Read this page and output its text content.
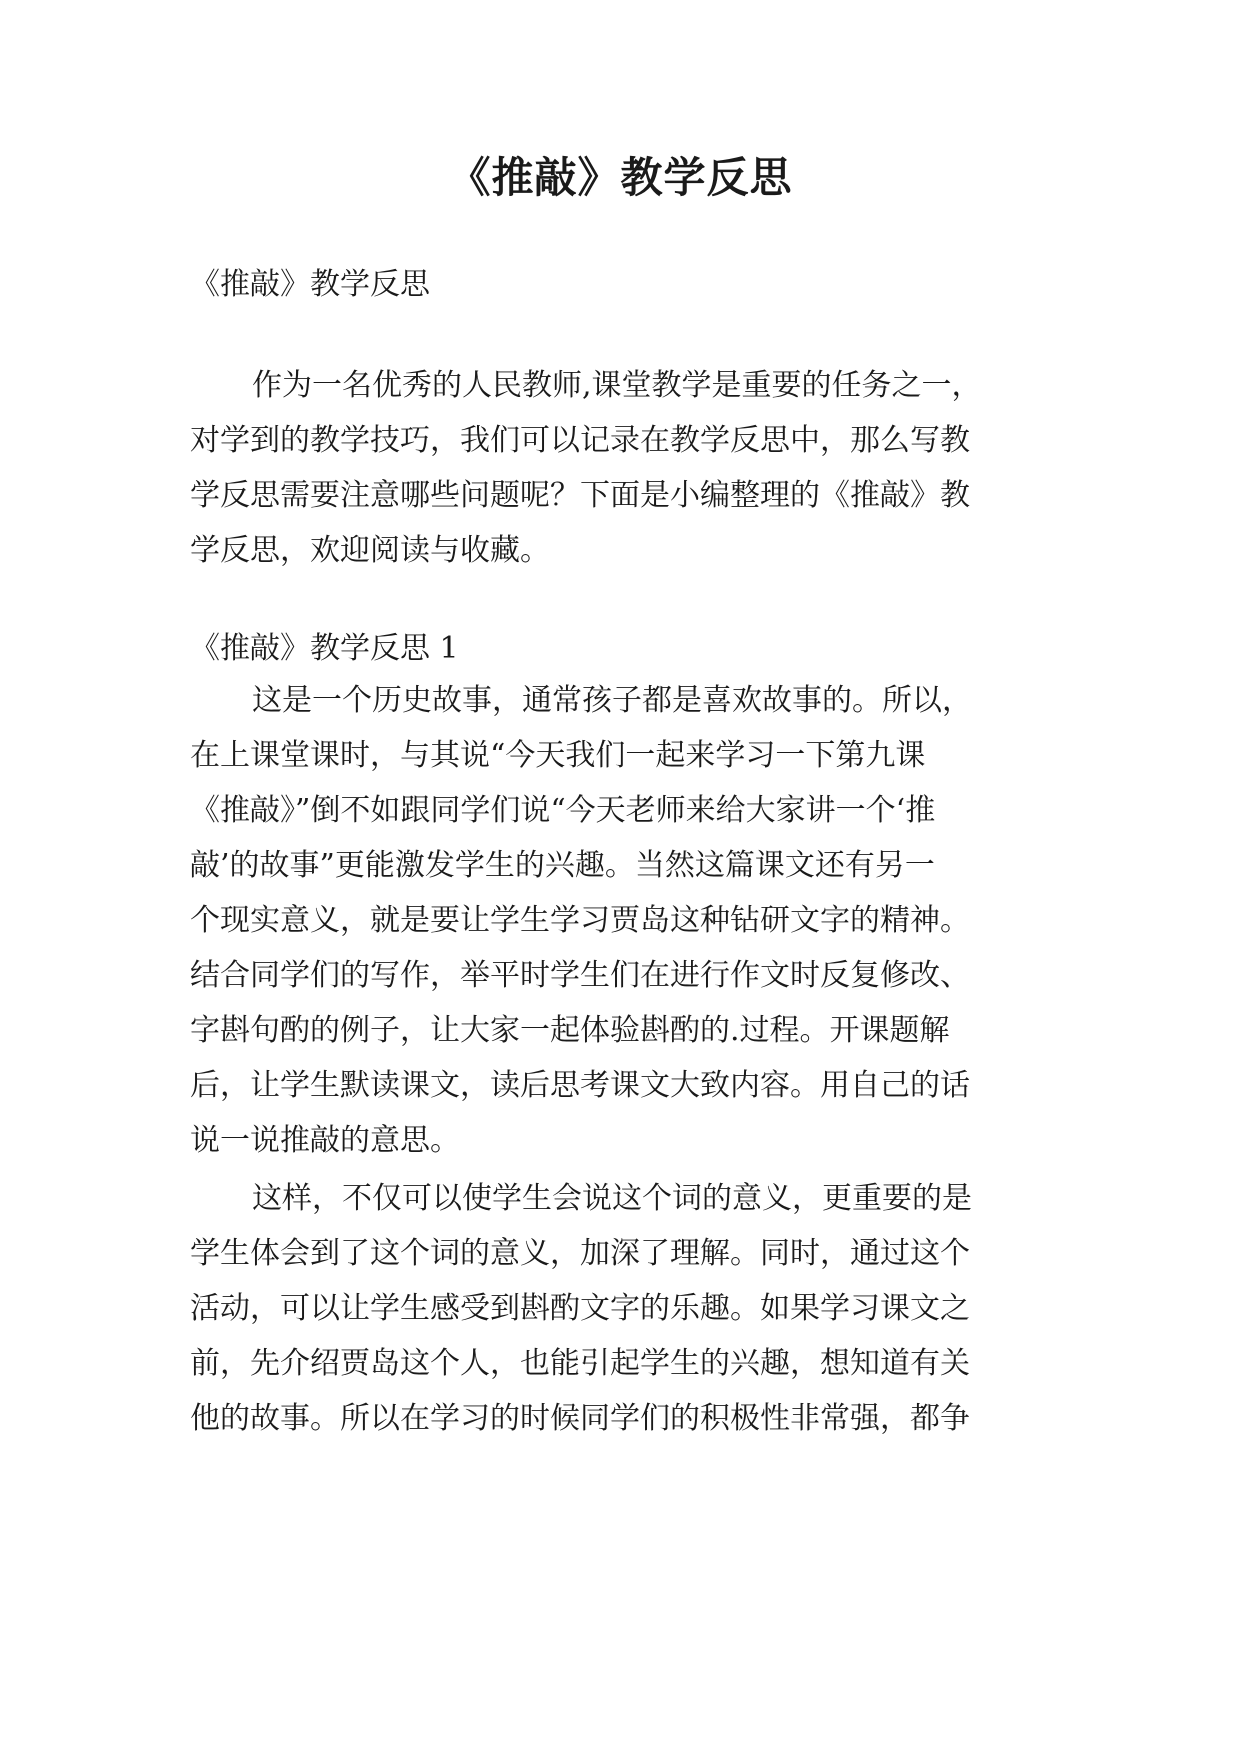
《推敲》教学反思
《推敲》教学反思
作为一名优秀的人民教师,课堂教学是重要的任务之一，
对学到的教学技巧，我们可以记录在教学反思中，那么写教
学反思需要注意哪些问题呢？下面是小编整理的《推敲》教
学反思，欢迎阅读与收藏。
《推敲》教学反思 1
这是一个历史故事，通常孩子都是喜欢故事的。所以，
在上课堂课时，与其说“今天我们一起来学习一下第九课
《推敲》”倒不如跟同学们说“今天老师来给大家讲一个‘推
敲’的故事”更能激发学生的兴趣。当然这篇课文还有另一
个现实意义，就是要让学生学习贾岛这种钻研文字的精神。
结合同学们的写作，举平时学生们在进行作文时反复修改、
字斟句酌的例子，让大家一起体验斟酌的.过程。开课题解
后，让学生默读课文，读后思考课文大致内容。用自己的话
说一说推敲的意思。
这样，不仅可以使学生会说这个词的意义，更重要的是
学生体会到了这个词的意义，加深了理解。同时，通过这个
活动，可以让学生感受到斟酌文字的乐趣。如果学习课文之
前，先介绍贾岛这个人，也能引起学生的兴趣，想知道有关
他的故事。所以在学习的时候同学们的积极性非常强，都争
